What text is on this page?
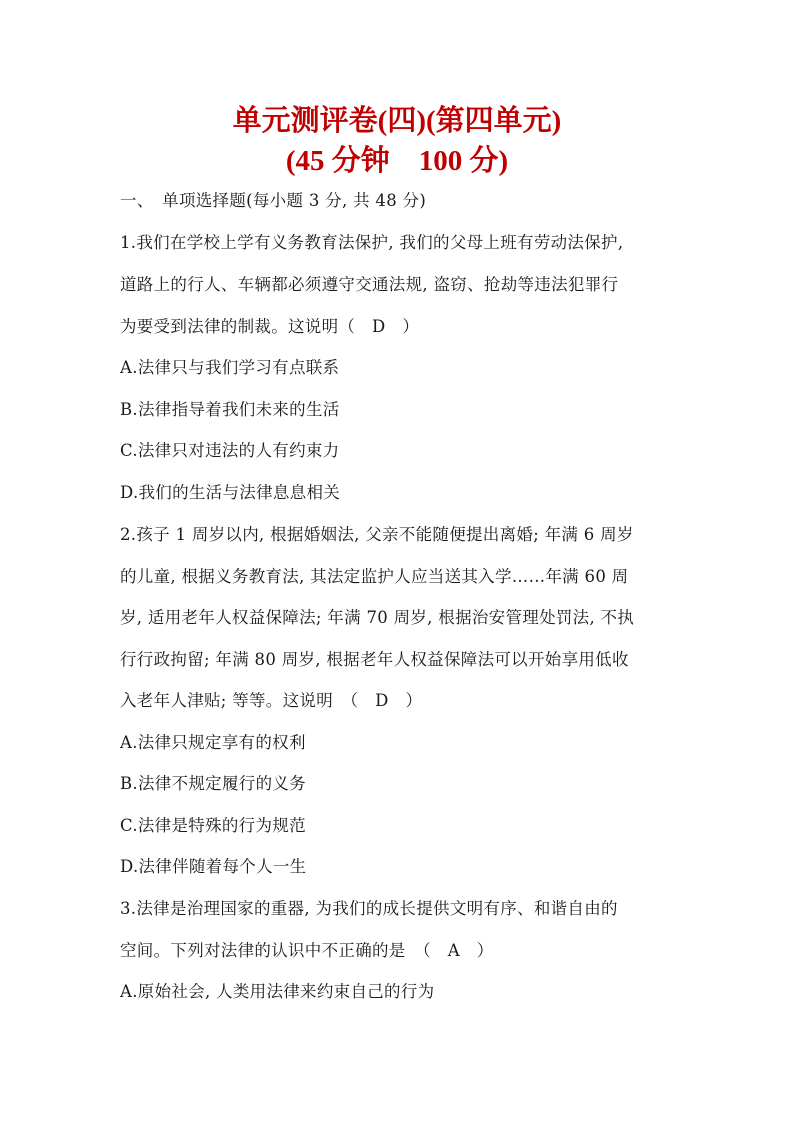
单元测评卷(四)(第四单元)
(45 分钟　100 分)
一、　单项选择题(每小题 3 分, 共 48 分)
1.我们在学校上学有义务教育法保护, 我们的父母上班有劳动法保护,
道路上的行人、车辆都必须遵守交通法规, 盗窃、抢劫等违法犯罪行
为要受到法律的制裁。这说明（　D　）
A.法律只与我们学习有点联系
B.法律指导着我们未来的生活
C.法律只对违法的人有约束力
D.我们的生活与法律息息相关
2.孩子 1 周岁以内, 根据婚姻法, 父亲不能随便提出离婚; 年满 6 周岁
的儿童, 根据义务教育法, 其法定监护人应当送其入学……年满 60 周
岁, 适用老年人权益保障法; 年满 70 周岁, 根据治安管理处罚法, 不执
行行政拘留; 年满 80 周岁, 根据老年人权益保障法可以开始享用低收
入老年人津贴; 等等。这说明　（　D　）
A.法律只规定享有的权利
B.法律不规定履行的义务
C.法律是特殊的行为规范
D.法律伴随着每个人一生
3.法律是治理国家的重器, 为我们的成长提供文明有序、和谐自由的
空间。下列对法律的认识中不正确的是　（　A　）
A.原始社会, 人类用法律来约束自己的行为
